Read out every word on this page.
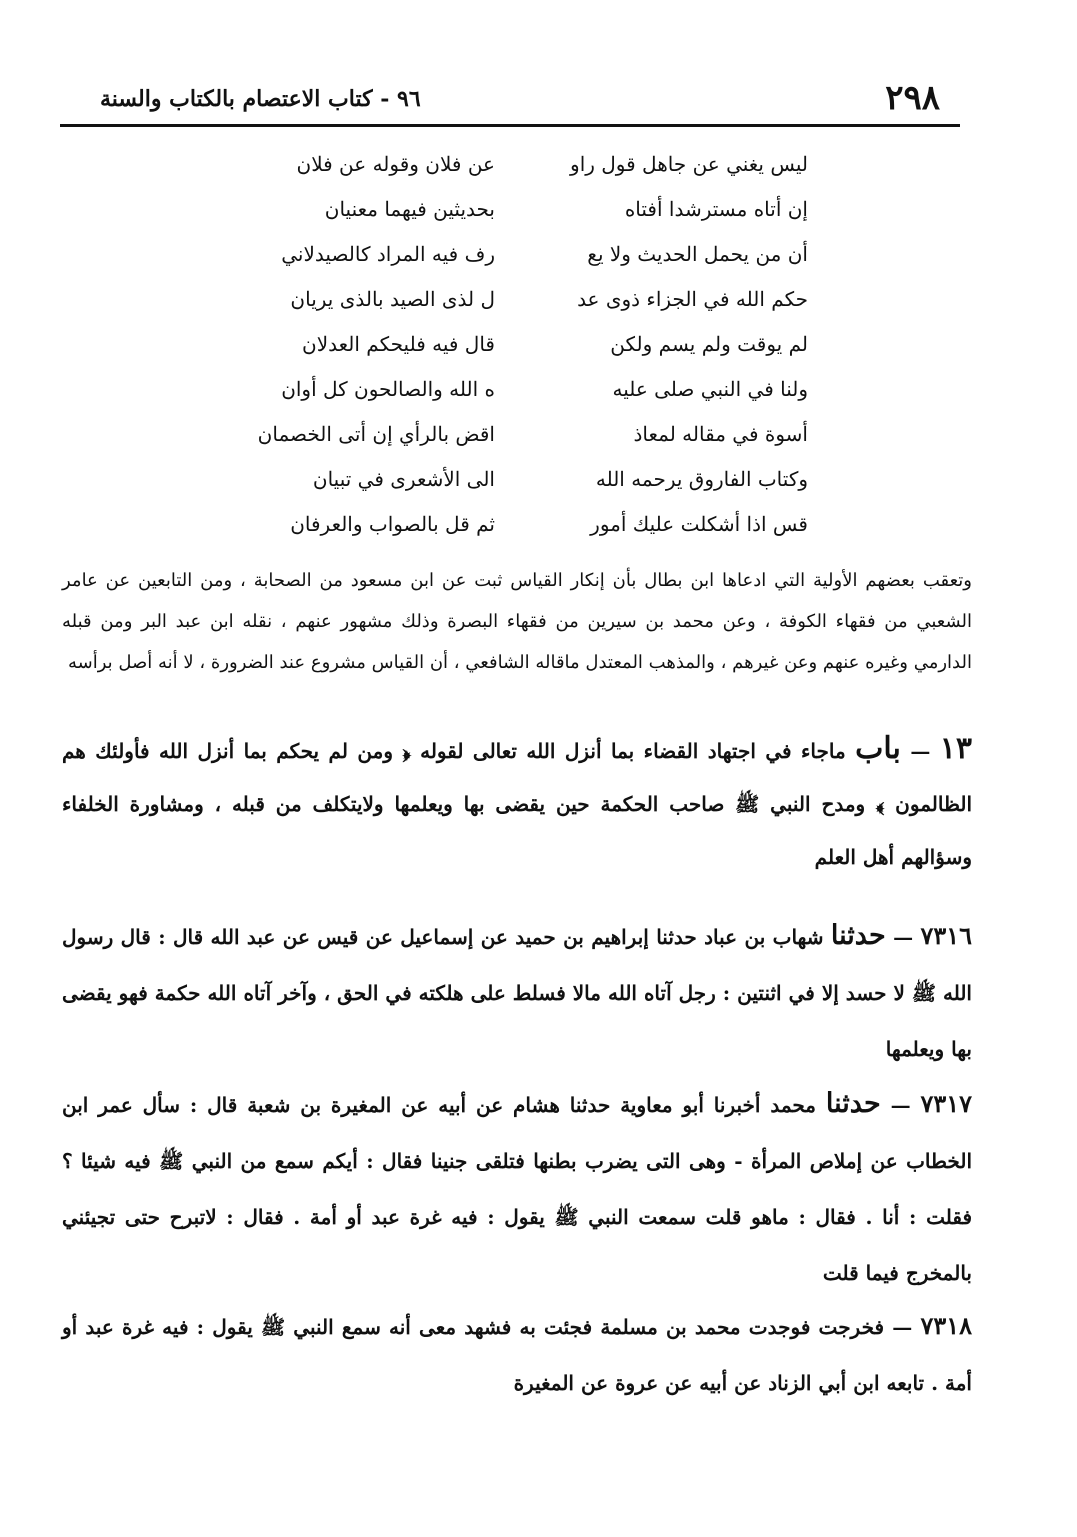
٢٩٨
٩٦ - كتاب الاعتصام بالكتاب والسنة
ليس يغني عن جاهل قول راو
عن فلان وقوله عن فلان
إن أتاه مسترشدا أفتاه
بحديثين فيهما معنيان
أن من يحمل الحديث ولا يع
رف فيه المراد كالصيدلاني
حكم الله في الجزاء ذوى عد
ل لذى الصيد بالذى يريان
لم يوقت ولم يسم ولكن
قال فيه فليحكم العدلان
ولنا في النبي صلى عليه
ه الله والصالحون كل أوان
أسوة في مقاله لمعاذ
اقض بالرأي إن أتى الخصمان
وكتاب الفاروق يرحمه الله
الى الأشعرى في تبيان
قس اذا أشكلت عليك أمور
ثم قل بالصواب والعرفان

وتعقب بعضهم الأولية التي ادعاها ابن بطال بأن إنكار القياس ثبت عن ابن مسعود من الصحابة ، ومن التابعين عن عامر الشعبي من فقهاء الكوفة ، وعن محمد بن سيرين من فقهاء البصرة وذلك مشهور عنهم ، نقله ابن عبد البر ومن قبله الدارمي وغيره عنهم وعن غيرهم ، والمذهب المعتدل ماقاله الشافعي ، أن القياس مشروع عند الضرورة ، لا أنه أصل برأسه

١٣ — باب ماجاء في اجتهاد القضاء بما أنزل الله تعالى لقوله ﴿ ومن لم يحكم بما أنزل الله فأولئك هم الظالمون ﴾ ومدح النبي ﷺ صاحب الحكمة حين يقضى بها ويعلمها ولايتكلف من قبله ، ومشاورة الخلفاء وسؤالهم أهل العلم

٧٣١٦ — حدثنا شهاب بن عباد حدثنا إبراهيم بن حميد عن إسماعيل عن قيس عن عبد الله قال : قال رسول الله ﷺ لا حسد إلا في اثنتين : رجل آتاه الله مالا فسلط على هلكته في الحق ، وآخر آتاه الله حكمة فهو يقضى بها ويعلمها

٧٣١٧ — حدثنا محمد أخبرنا أبو معاوية حدثنا هشام عن أبيه عن المغيرة بن شعبة قال : سأل عمر ابن الخطاب عن إملاص المرأة - وهى التى يضرب بطنها فتلقى جنينا فقال : أيكم سمع من النبي ﷺ فيه شيئا ؟ فقلت : أنا . فقال : ماهو قلت سمعت النبي ﷺ يقول : فيه غرة عبد أو أمة . فقال : لاتبرح حتى تجيئني بالمخرج فيما قلت

٧٣١٨ — فخرجت فوجدت محمد بن مسلمة فجئت به فشهد معى أنه سمع النبي ﷺ يقول : فيه غرة عبد أو أمة . تابعه ابن أبي الزناد عن أبيه عن عروة عن المغيرة
